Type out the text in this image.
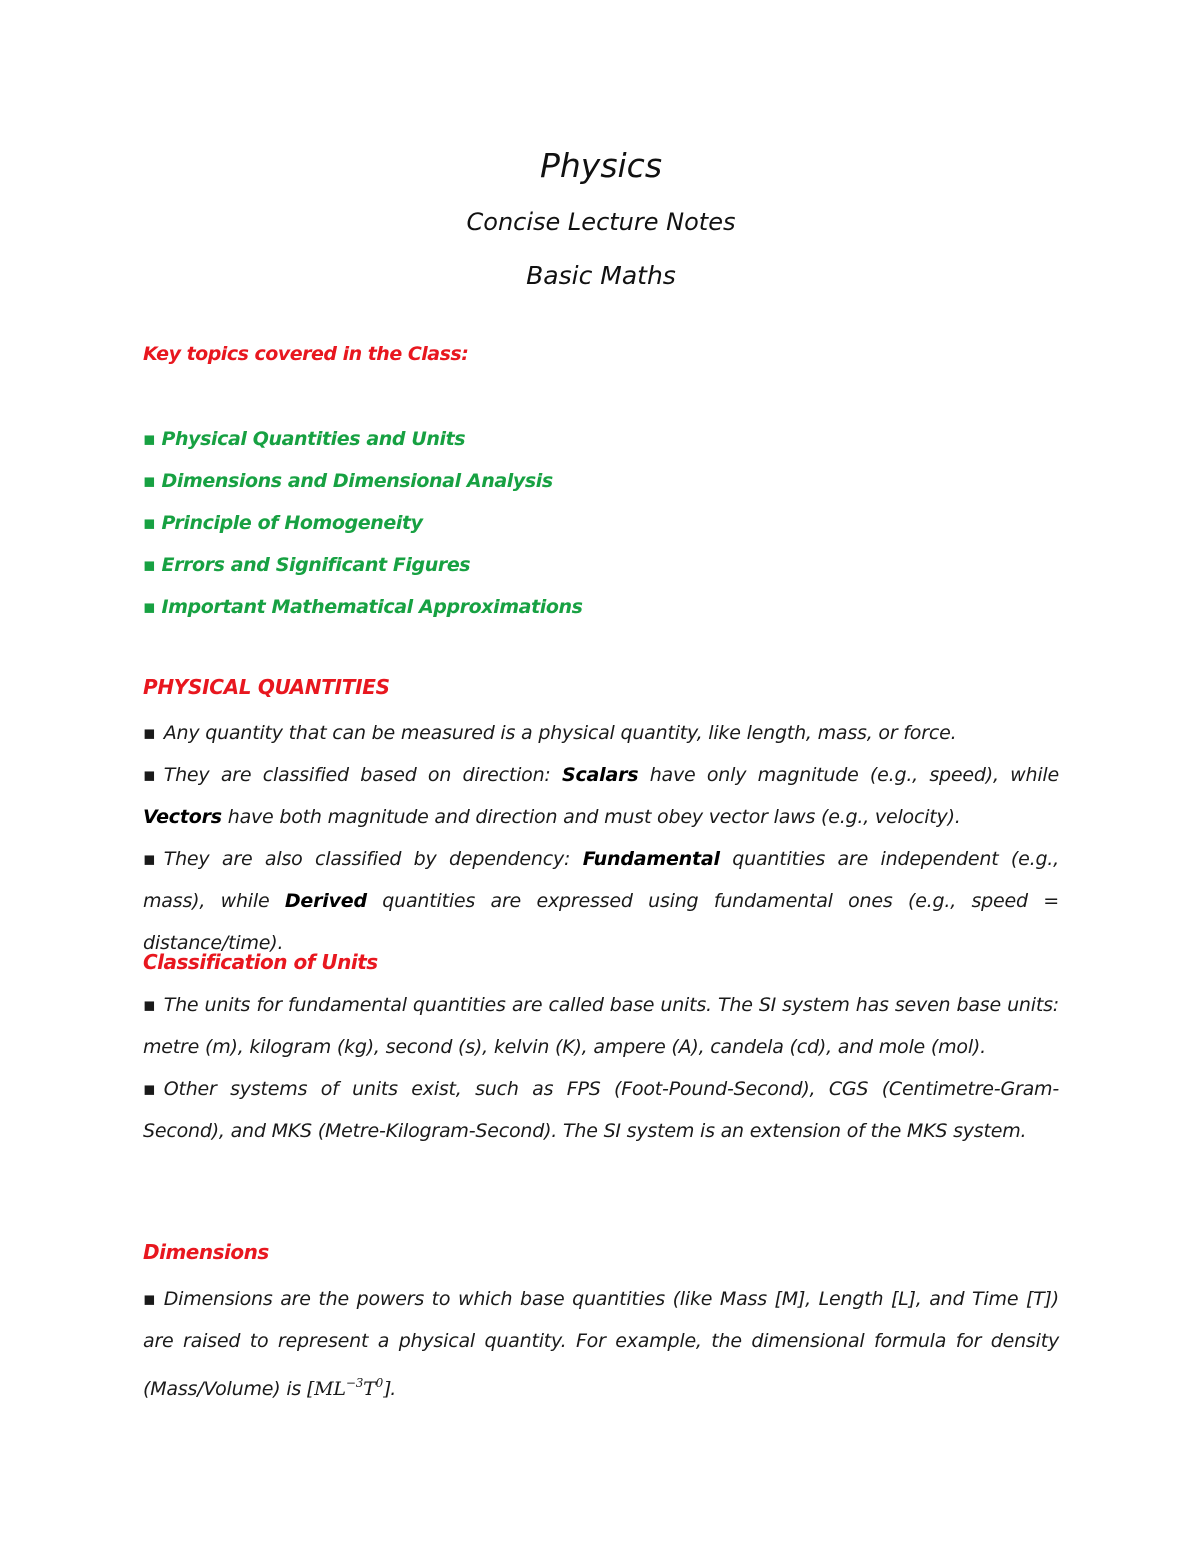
Physics
Concise Lecture Notes
Basic Maths
Key topics covered in the Class:
▪ Physical Quantities and Units
▪ Dimensions and Dimensional Analysis
▪ Principle of Homogeneity
▪ Errors and Significant Figures
▪ Important Mathematical Approximations
PHYSICAL QUANTITIES

▪ Any quantity that can be measured is a physical quantity, like length, mass, or force.

▪ They are classified based on direction: Scalars have only magnitude (e.g., speed), while Vectors have both magnitude and direction and must obey vector laws (e.g., velocity).

▪ They are also classified by dependency: Fundamental quantities are independent (e.g., mass), while Derived quantities are expressed using fundamental ones (e.g., speed = distance/time).

Classification of Units

▪ The units for fundamental quantities are called base units. The SI system has seven base units: metre (m), kilogram (kg), second (s), kelvin (K), ampere (A), candela (cd), and mole (mol).

▪ Other systems of units exist, such as FPS (Foot-Pound-Second), CGS (Centimetre-Gram-Second), and MKS (Metre-Kilogram-Second). The SI system is an extension of the MKS system.

Dimensions

▪ Dimensions are the powers to which base quantities (like Mass [M], Length [L], and Time [T]) are raised to represent a physical quantity. For example, the dimensional formula for density (Mass/Volume) is $[ML^{-3}T^0]$.
